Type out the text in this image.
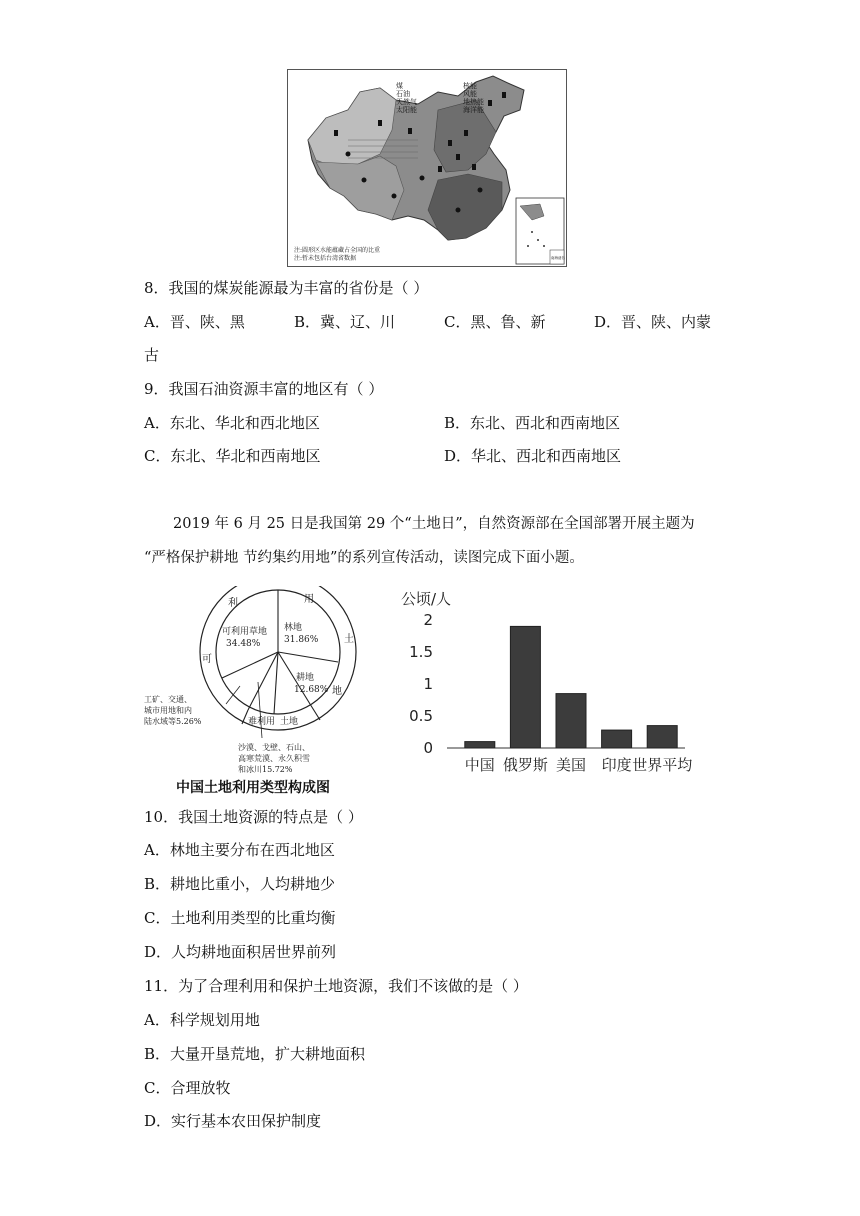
煤
石油
天然气
太阳能
核能
风能
地热能
海洋能
注:圆形区水能蕴藏占全国的比重
注:暂未包括台湾省数据	南海诸岛
8．我国的煤炭能源最为丰富的省份是（ ）
A．晋、陕、黑	B．冀、辽、川	C．黑、鲁、新	D．晋、陕、内蒙
古
9．我国石油资源丰富的地区有（ ）
A．东北、华北和西北地区	B．东北、西北和西南地区
C．东北、华北和西南地区	D．华北、西北和西南地区
2019 年 6 月 25 日是我国第 29 个“土地日”，自然资源部在全国部署开展主题为
“严格保护耕地 节约集约用地”的系列宣传活动，读图完成下面小题。
可利用草地
34.48%
林地
31.86%
耕地
12.68%
利	用
可
土
地
难利用 土地
工矿、交通、
城市用地和内
陆水域等5.26%
沙漠、戈壁、石山、
高寒荒漠、永久积雪
和冰川15.72%
中国土地利用类型构成图
公顷/人
0
0.5
1
1.5
2
中国 俄罗斯 美国 印度 世界平均
10．我国土地资源的特点是（ ）
A．林地主要分布在西北地区
B．耕地比重小，人均耕地少
C．土地利用类型的比重均衡
D．人均耕地面积居世界前列
11．为了合理利用和保护土地资源，我们不该做的是（ ）
A．科学规划用地
B．大量开垦荒地，扩大耕地面积
C．合理放牧
D．实行基本农田保护制度
